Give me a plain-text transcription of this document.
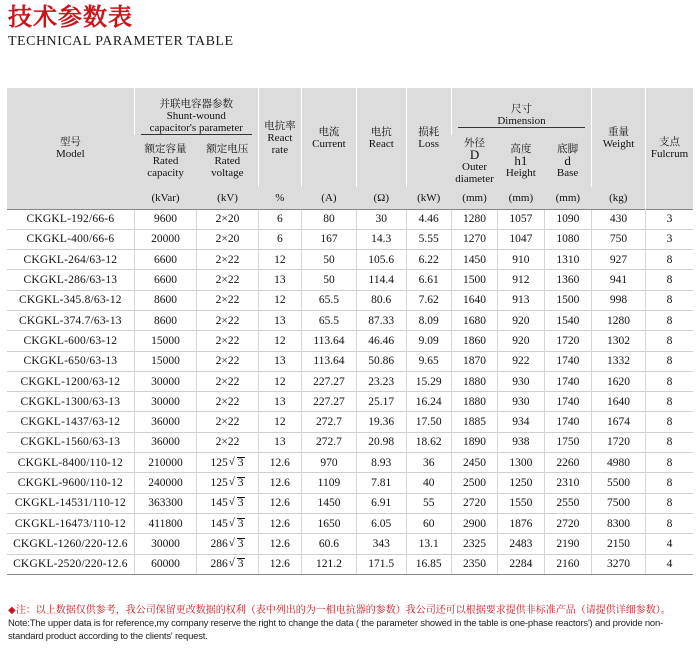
技术参数表
TECHNICAL PARAMETER TABLE
型号
Model	并联电容器参数
Shunt-wound
capacitor's parameter		电抗率
React
rate	电流
Current	电抗
React	损耗
Loss	尺寸
Dimension			重量
Weight	支点
Fulcrum

	额定容量
Rated
capacity	额定电压
Rated
voltage					外径
D
Outer
diameter	高度
h1
Height	底脚
d
Base		

	(kVar)	(kV)	%	(A)	(Ω)	(kW)	(mm)	(mm)	(mm)	(kg)	

CKGKL-192/66-6	9600	2×20	6	80	30	4.46	1280	1057	1090	430	3
CKGKL-400/66-6	20000	2×20	6	167	14.3	5.55	1270	1047	1080	750	3
CKGKL-264/63-12	6600	2×22	12	50	105.6	6.22	1450	910	1310	927	8
CKGKL-286/63-13	6600	2×22	13	50	114.4	6.61	1500	912	1360	941	8
CKGKL-345.8/63-12	8600	2×22	12	65.5	80.6	7.62	1640	913	1500	998	8
CKGKL-374.7/63-13	8600	2×22	13	65.5	87.33	8.09	1680	920	1540	1280	8
CKGKL-600/63-12	15000	2×22	12	113.64	46.46	9.09	1860	920	1720	1302	8
CKGKL-650/63-13	15000	2×22	13	113.64	50.86	9.65	1870	922	1740	1332	8
CKGKL-1200/63-12	30000	2×22	12	227.27	23.23	15.29	1880	930	1740	1620	8
CKGKL-1300/63-13	30000	2×22	13	227.27	25.17	16.24	1880	930	1740	1640	8
CKGKL-1437/63-12	36000	2×22	12	272.7	19.36	17.50	1885	934	1740	1674	8
CKGKL-1560/63-13	36000	2×22	13	272.7	20.98	18.62	1890	938	1750	1720	8
CKGKL-8400/110-12	210000	125 √ 3	12.6	970	8.93	36	2450	1300	2260	4980	8
CKGKL-9600/110-12	240000	125 √ 3	12.6	1109	7.81	40	2500	1250	2310	5500	8
CKGKL-14531/110-12	363300	145 √ 3	12.6	1450	6.91	55	2720	1550	2550	7500	8
CKGKL-16473/110-12	411800	145 √ 3	12.6	1650	6.05	60	2900	1876	2720	8300	8
CKGKL-1260/220-12.6	30000	286 √ 3	12.6	60.6	343	13.1	2325	2483	2190	2150	4
CKGKL-2520/220-12.6	60000	286 √ 3	12.6	121.2	171.5	16.85	2350	2284	2160	3270	4
◆注：以上数据仅供参考，我公司保留更改数据的权利（表中列出的为一相电抗器的参数）我公司还可以根据要求提供非标准产品（请提供详细参数）。
Note:The upper data is for reference,my company reserve the right to change the data ( the parameter showed in the table is one-phase reactors') and provide non-standard product according to the clients' request.
